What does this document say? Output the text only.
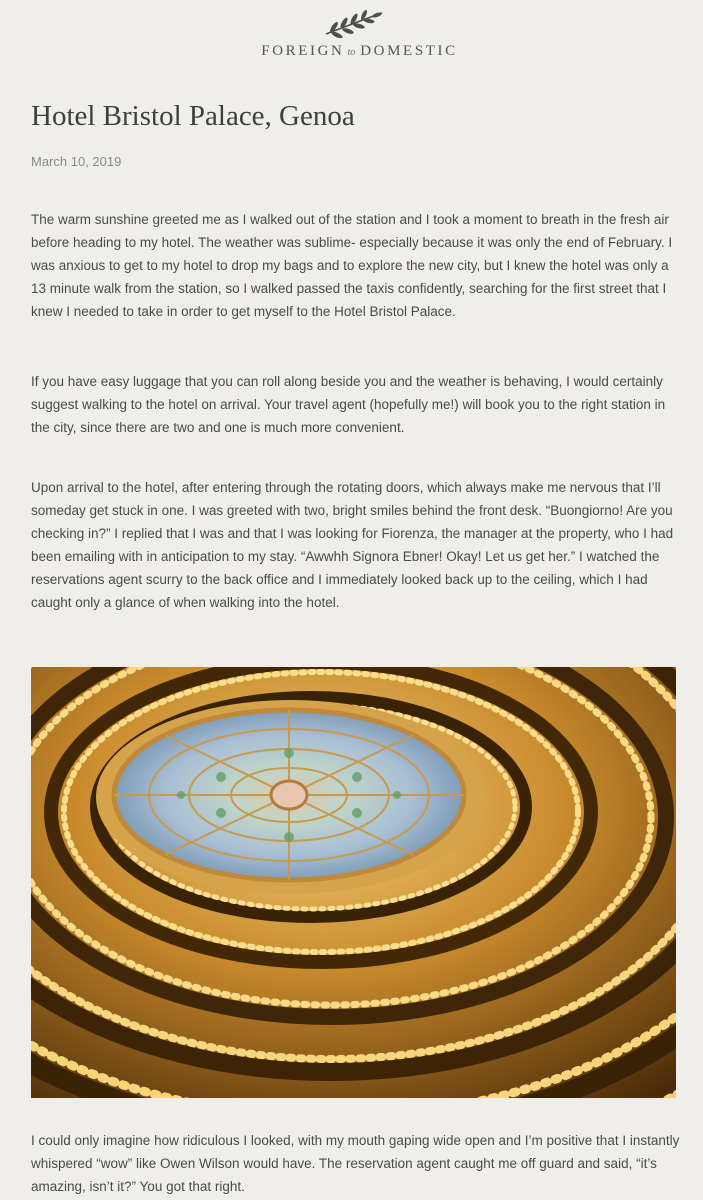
FOREIGN to DOMESTIC
Hotel Bristol Palace, Genoa
March 10, 2019

The warm sunshine greeted me as I walked out of the station and I took a moment to breath in the fresh air before heading to my hotel. The weather was sublime- especially because it was only the end of February. I was anxious to get to my hotel to drop my bags and to explore the new city, but I knew the hotel was only a 13 minute walk from the station, so I walked passed the taxis confidently, searching for the first street that I knew I needed to take in order to get myself to the Hotel Bristol Palace.

If you have easy luggage that you can roll along beside you and the weather is behaving, I would certainly suggest walking to the hotel on arrival. Your travel agent (hopefully me!) will book you to the right station in the city, since there are two and one is much more convenient.

Upon arrival to the hotel, after entering through the rotating doors, which always make me nervous that I’ll someday get stuck in one. I was greeted with two, bright smiles behind the front desk. “Buongiorno! Are you checking in?” I replied that I was and that I was looking for Fiorenza, the manager at the property, who I had been emailing with in anticipation to my stay. “Awwhh Signora Ebner! Okay! Let us get her.” I watched the reservations agent scurry to the back office and I immediately looked back up to the ceiling, which I had caught only a glance of when walking into the hotel.

I could only imagine how ridiculous I looked, with my mouth gaping wide open and I’m positive that I instantly whispered “wow” like Owen Wilson would have. The reservation agent caught me off guard and said, “it’s amazing, isn’t it?” You got that right.
